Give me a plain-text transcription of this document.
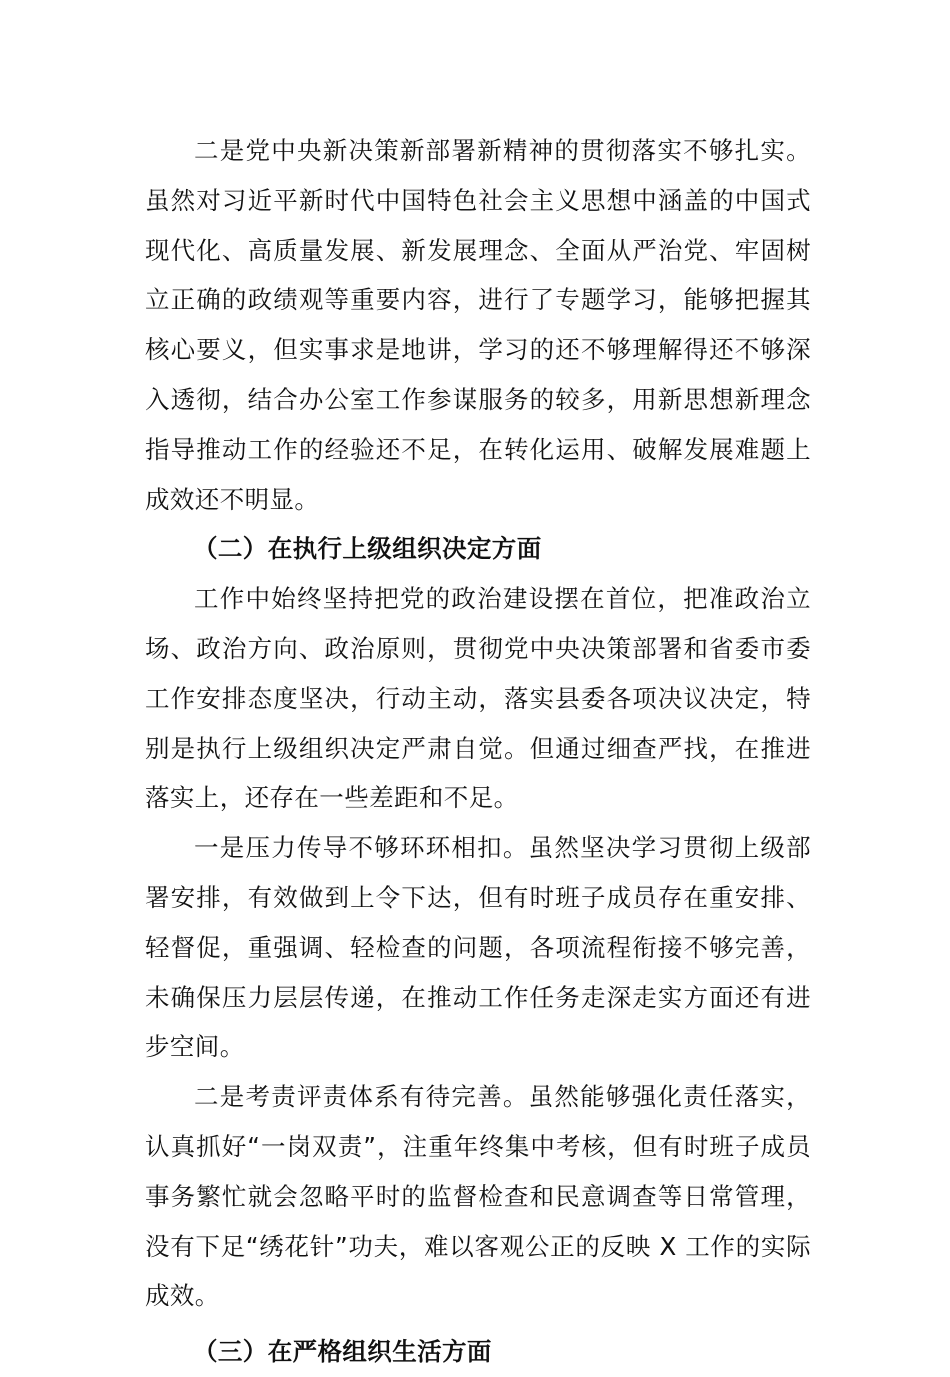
二是党中央新决策新部署新精神的贯彻落实不够扎实。虽然对习近平新时代中国特色社会主义思想中涵盖的中国式现代化、高质量发展、新发展理念、全面从严治党、牢固树立正确的政绩观等重要内容，进行了专题学习，能够把握其核心要义，但实事求是地讲，学习的还不够理解得还不够深入透彻，结合办公室工作参谋服务的较多，用新思想新理念指导推动工作的经验还不足，在转化运用、破解发展难题上成效还不明显。

（二）在执行上级组织决定方面

工作中始终坚持把党的政治建设摆在首位，把准政治立场、政治方向、政治原则，贯彻党中央决策部署和省委市委工作安排态度坚决，行动主动，落实县委各项决议决定，特别是执行上级组织决定严肃自觉。但通过细查严找，在推进落实上，还存在一些差距和不足。

一是压力传导不够环环相扣。虽然坚决学习贯彻上级部署安排，有效做到上令下达，但有时班子成员存在重安排、轻督促，重强调、轻检查的问题，各项流程衔接不够完善，未确保压力层层传递，在推动工作任务走深走实方面还有进步空间。

二是考责评责体系有待完善。虽然能够强化责任落实，认真抓好“一岗双责”，注重年终集中考核，但有时班子成员事务繁忙就会忽略平时的监督检查和民意调查等日常管理，没有下足“绣花针”功夫，难以客观公正的反映 X 工作的实际成效。

（三）在严格组织生活方面
